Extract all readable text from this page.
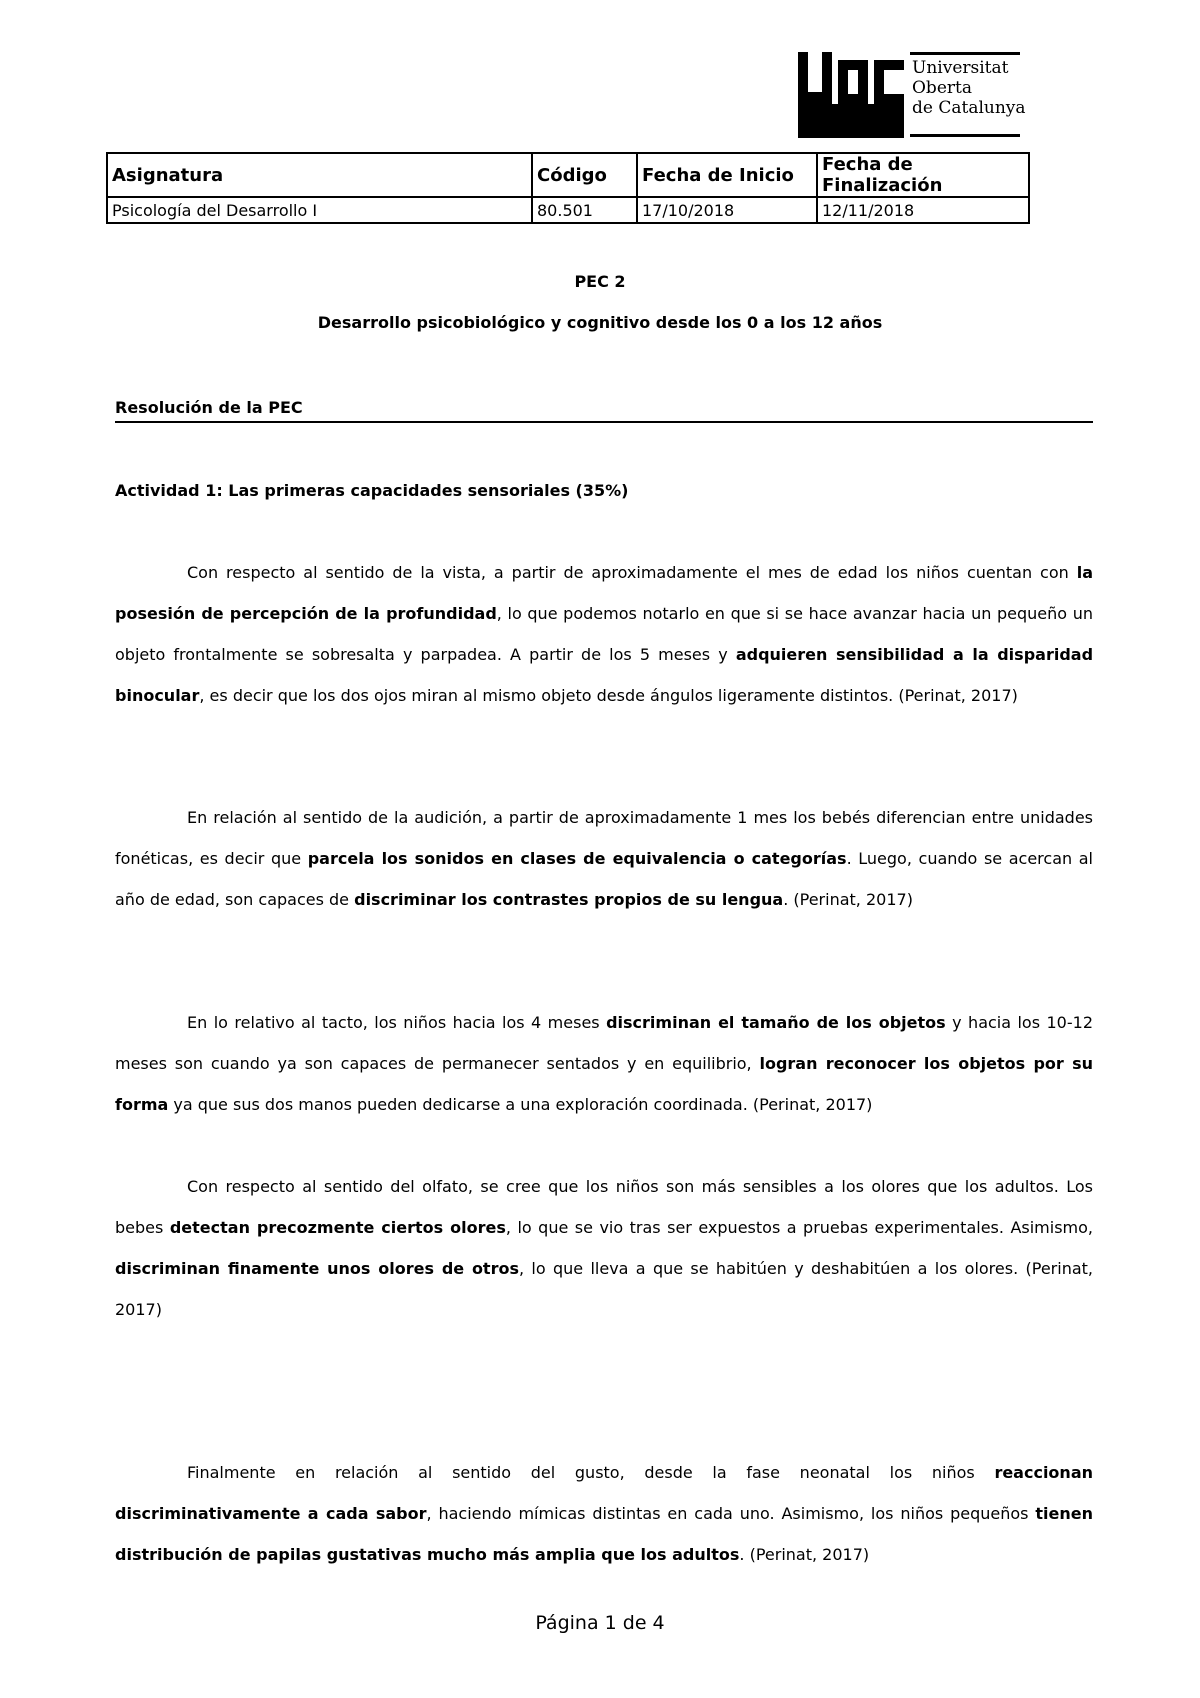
Universitat
Oberta
de Catalunya
Asignatura	Código	Fecha de Inicio	Fecha de Finalización
Psicología del Desarrollo I	80.501	17/10/2018	12/11/2018
PEC 2
Desarrollo psicobiológico y cognitivo desde los 0 a los 12 años
Resolución de la PEC
Actividad 1: Las primeras capacidades sensoriales (35%)
Con respecto al sentido de la vista, a partir de aproximadamente el mes de edad los niños cuentan con la posesión de percepción de la profundidad, lo que podemos notarlo en que si se hace avanzar hacia un pequeño un objeto frontalmente se sobresalta y parpadea. A partir de los 5 meses y adquieren sensibilidad a la disparidad binocular, es decir que los dos ojos miran al mismo objeto desde ángulos ligeramente distintos. (Perinat, 2017)
En relación al sentido de la audición, a partir de aproximadamente 1 mes los bebés diferencian entre unidades fonéticas, es decir que parcela los sonidos en clases de equivalencia o categorías. Luego, cuando se acercan al año de edad, son capaces de discriminar los contrastes propios de su lengua. (Perinat, 2017)
En lo relativo al tacto, los niños hacia los 4 meses discriminan el tamaño de los objetos y hacia los 10-12 meses son cuando ya son capaces de permanecer sentados y en equilibrio, logran reconocer los objetos por su forma ya que sus dos manos pueden dedicarse a una exploración coordinada. (Perinat, 2017)
Con respecto al sentido del olfato, se cree que los niños son más sensibles a los olores que los adultos. Los bebes detectan precozmente ciertos olores, lo que se vio tras ser expuestos a pruebas experimentales. Asimismo, discriminan finamente unos olores de otros, lo que lleva a que se habitúen y deshabitúen a los olores. (Perinat, 2017)
Finalmente en relación al sentido del gusto, desde la fase neonatal los niños reaccionan discriminativamente a cada sabor, haciendo mímicas distintas en cada uno. Asimismo, los niños pequeños tienen distribución de papilas gustativas mucho más amplia que los adultos. (Perinat, 2017)
Página 1 de 4
